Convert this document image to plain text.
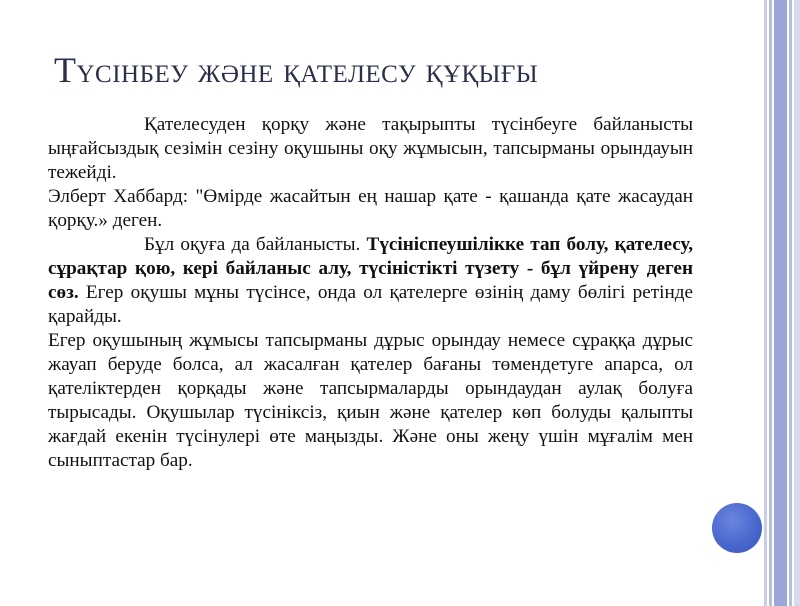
Түсінбеу және қателесу құқығы

Қателесуден қорқу және тақырыпты түсінбеуге байланысты ыңғайсыздық сезімін сезіну оқушыны оқу жұмысын, тапсырманы орындауын тежейді.

Элберт Хаббард: "Өмірде жасайтын ең нашар қате - қашанда қате жасаудан қорқу.» деген.

Бұл оқуға да байланысты. Түсініспеушілікке тап болу, қателесу, сұрақтар қою, кері байланыс алу, түсіністікті түзету - бұл үйрену деген сөз. Егер оқушы мұны түсінсе, онда ол қателерге өзінің даму бөлігі ретінде қарайды.

Егер оқушының жұмысы тапсырманы дұрыс орындау немесе сұраққа дұрыс жауап беруде болса, ал жасалған қателер бағаны төмендетуге апарса, ол қателіктерден қорқады және тапсырмаларды орындаудан аулақ болуға тырысады. Оқушылар түсініксіз, қиын және қателер көп болуды қалыпты жағдай екенін түсінулері өте маңызды. Және оны жеңу үшін мұғалім мен сыныптастар бар.
